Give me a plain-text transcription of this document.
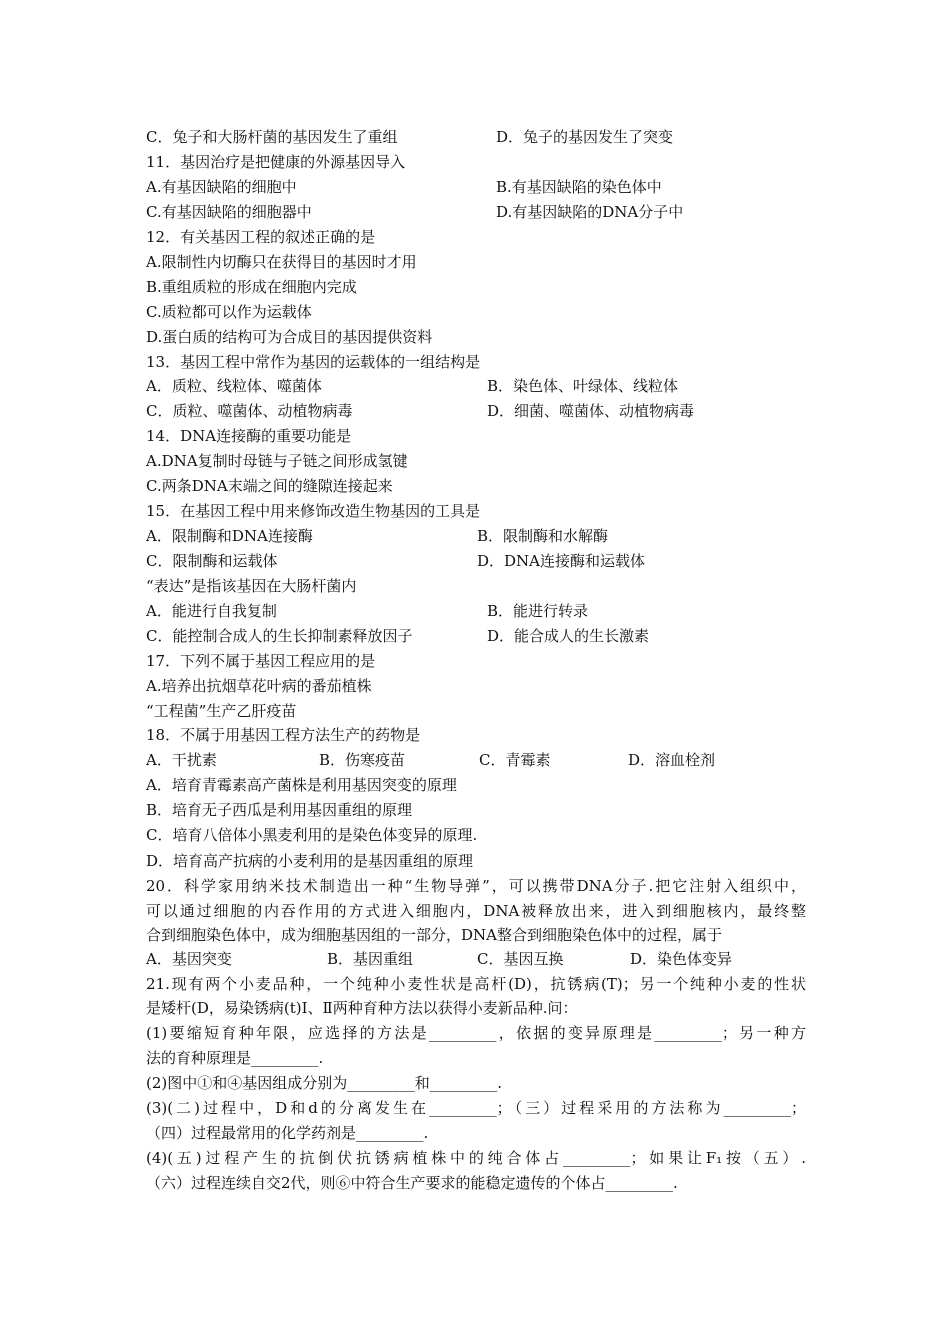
C．兔子和大肠杆菌的基因发生了重组	D．兔子的基因发生了突变
11．基因治疗是把健康的外源基因导入
A.有基因缺陷的细胞中	B.有基因缺陷的染色体中
C.有基因缺陷的细胞器中	D.有基因缺陷的DNA分子中
12．有关基因工程的叙述正确的是
A.限制性内切酶只在获得目的基因时才用
B.重组质粒的形成在细胞内完成
C.质粒都可以作为运载体
D.蛋白质的结构可为合成目的基因提供资料
13．基因工程中常作为基因的运载体的一组结构是
A．质粒、线粒体、噬菌体	B．染色体、叶绿体、线粒体
C．质粒、噬菌体、动植物病毒	D．细菌、噬菌体、动植物病毒
14．DNA连接酶的重要功能是
A.DNA复制时母链与子链之间形成氢键
C.两条DNA末端之间的缝隙连接起来
15．在基因工程中用来修饰改造生物基因的工具是
A．限制酶和DNA连接酶	B．限制酶和水解酶
C．限制酶和运载体	D．DNA连接酶和运载体
“表达”是指该基因在大肠杆菌内
A．能进行自我复制	B．能进行转录
C．能控制合成人的生长抑制素释放因子	D．能合成人的生长激素
17．下列不属于基因工程应用的是
A.培养出抗烟草花叶病的番茄植株
“工程菌”生产乙肝疫苗
18．不属于用基因工程方法生产的药物是
A．干扰素	B．伤寒疫苗	C．青霉素	D．溶血栓剂
A．培育青霉素高产菌株是利用基因突变的原理
B．培育无子西瓜是利用基因重组的原理
C．培育八倍体小黑麦利用的是染色体变异的原理.
D．培育高产抗病的小麦利用的是基因重组的原理
20．科学家用纳米技术制造出一种“生物导弹”，可以携带DNA分子.把它注射入组织中，
可以通过细胞的内吞作用的方式进入细胞内，DNA被释放出来，进入到细胞核内，最终整
合到细胞染色体中，成为细胞基因组的一部分，DNA整合到细胞染色体中的过程，属于
A．基因突变	B．基因重组	C．基因互换	D．染色体变异
21.现有两个小麦品种，一个纯种小麦性状是高杆(D)，抗锈病(T)；另一个纯种小麦的性状
是矮杆(D，易染锈病(t)Ⅰ、Ⅱ两种育种方法以获得小麦新品种.问：
(1)要缩短育种年限，应选择的方法是_________，依据的变异原理是_________；另一种方
法的育种原理是_________.
(2)图中①和④基因组成分别为_________和_________.
(3)(二)过程中，D和d的分离发生在_________；（三）过程采用的方法称为_________；
（四）过程最常用的化学药剂是_________.
(4)(五)过程产生的抗倒伏抗锈病植株中的纯合体占_________；如果让F₁按（五）.
（六）过程连续自交2代，则⑥中符合生产要求的能稳定遗传的个体占_________.
